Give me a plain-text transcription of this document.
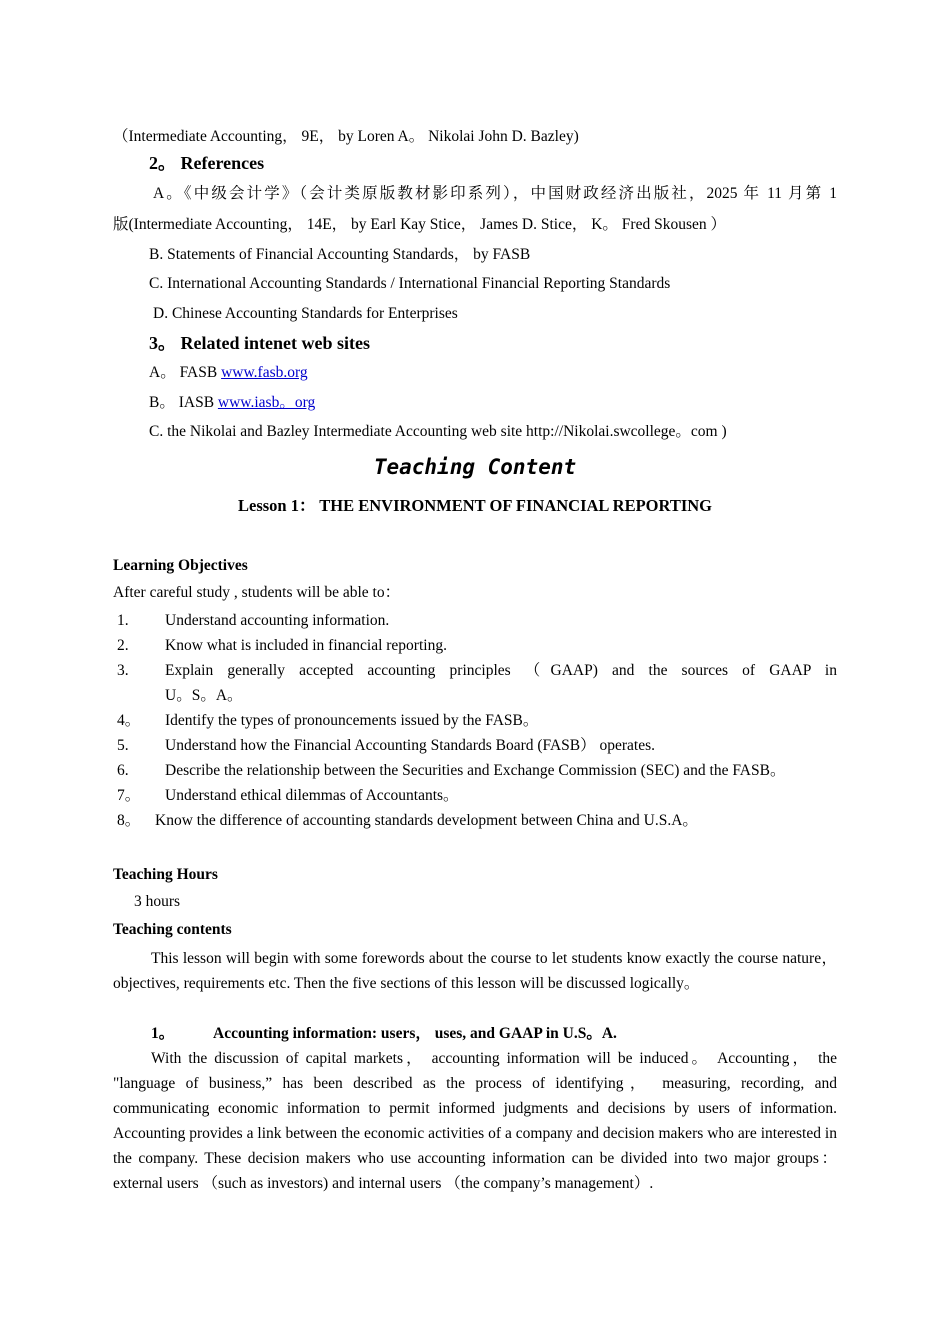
（Intermediate Accounting， 9E， by Loren A。 Nikolai John D. Bazley)
2。 References
A。《中级会计学》（会计类原版教材影印系列），中国财政经济出版社，2025 年 11 月第 1
版(Intermediate Accounting， 14E， by Earl Kay Stice， James D. Stice， K。 Fred Skousen ）
B. Statements of Financial Accounting Standards， by FASB
C. International Accounting Standards / International Financial Reporting Standards
D. Chinese Accounting Standards for Enterprises
3。 Related intenet web sites
A。 FASB www.fasb.org
B。 IASB www.iasb。org
C. the Nikolai and Bazley Intermediate Accounting web site http://Nikolai.swcollege。com )
Teaching Content
Lesson 1： THE ENVIRONMENT OF FINANCIAL REPORTING
Learning Objectives
After careful study , students will be able to：
1.	Understand accounting information.
2.	Know what is included in financial reporting.
3.	Explain generally accepted accounting principles （GAAP) and the sources of GAAP in
U。S。A。
4。	Identify the types of pronouncements issued by the FASB。
5.	Understand how the Financial Accounting Standards Board (FASB） operates.
6.	Describe the relationship between the Securities and Exchange Commission (SEC) and the FASB。
7。	Understand ethical dilemmas of Accountants。
8。 Know the difference of accounting standards development between China and U.S.A。
Teaching Hours
3 hours
Teaching contents
This lesson will begin with some forewords about the course to let students know exactly the course nature， objectives, requirements etc. Then the five sections of this lesson will be discussed logically。
1。	Accounting information: users， uses, and GAAP in U.S。A.
With the discussion of capital markets， accounting information will be induced。 Accounting， the "language of business,” has been described as the process of identifying， measuring, recording, and communicating economic information to permit informed judgments and decisions by users of information. Accounting provides a link between the economic activities of a company and decision makers who are interested in the company. These decision makers who use accounting information can be divided into two major groups： external users （such as investors) and internal users （the company’s management）.
